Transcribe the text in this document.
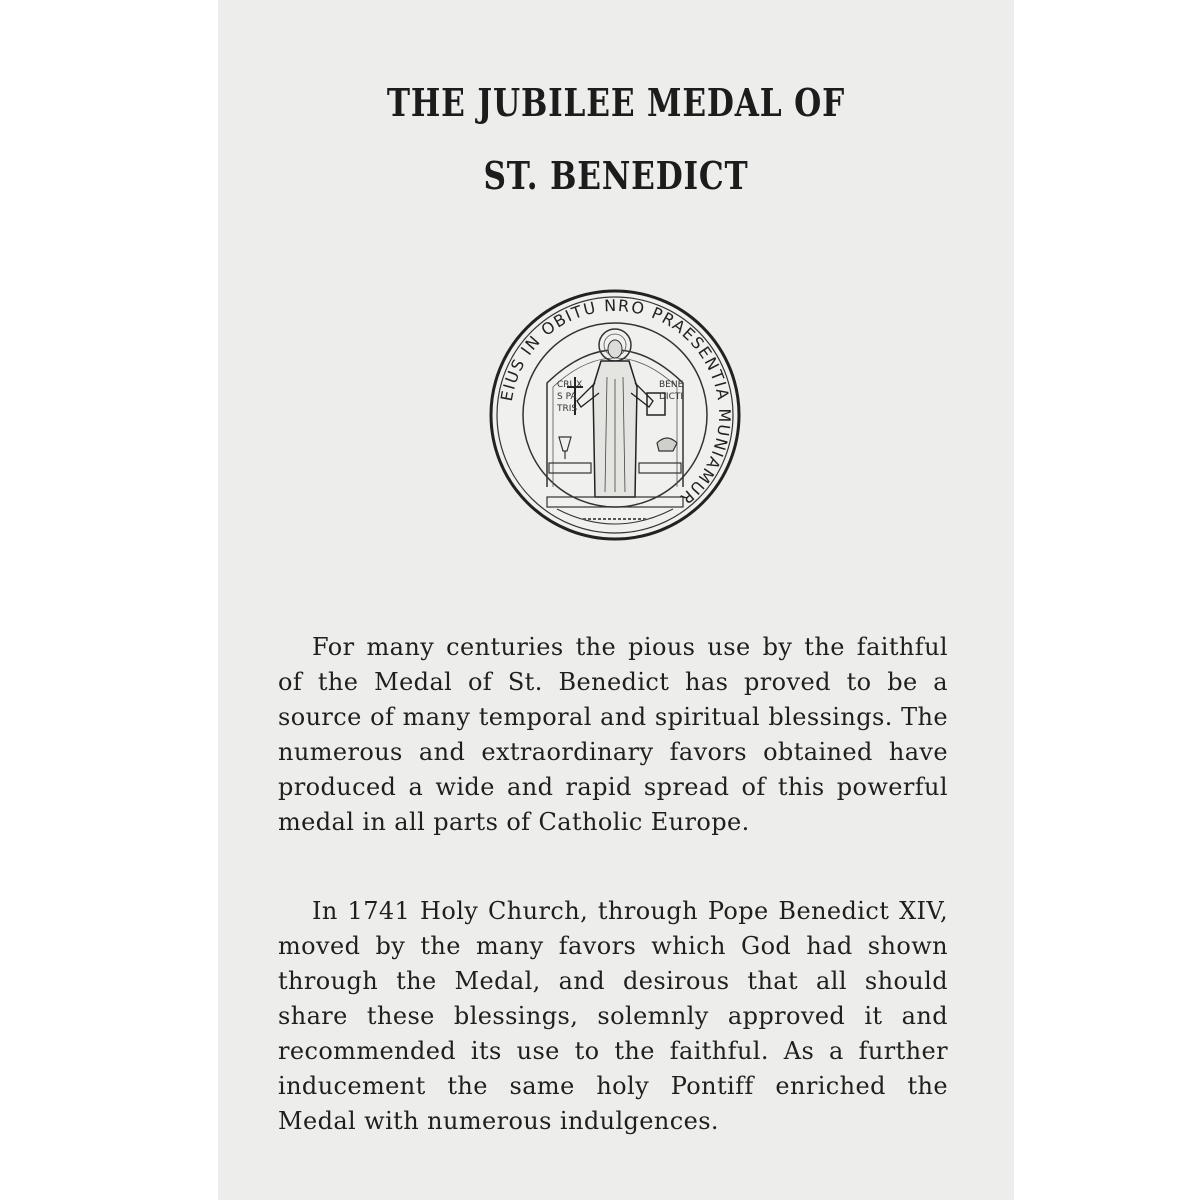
THE JUBILEE MEDAL OF
ST. BENEDICT
EIUS IN OBITU NRO PRAESENTIA MUNIAMUR
CRUX
S PA
TRIS
BENE
DICTI
For many centuries the pious use by the faithful of the Medal of St. Benedict has proved to be a source of many temporal and spiritual blessings. The numerous and extraordinary favors obtained have produced a wide and rapid spread of this powerful medal in all parts of Catholic Europe.
In 1741 Holy Church, through Pope Benedict XIV, moved by the many favors which God had shown through the Medal, and desirous that all should share these blessings, solemnly approved it and recommended its use to the faithful. As a further inducement the same holy Pontiff enriched the Medal with numerous indulgences.
